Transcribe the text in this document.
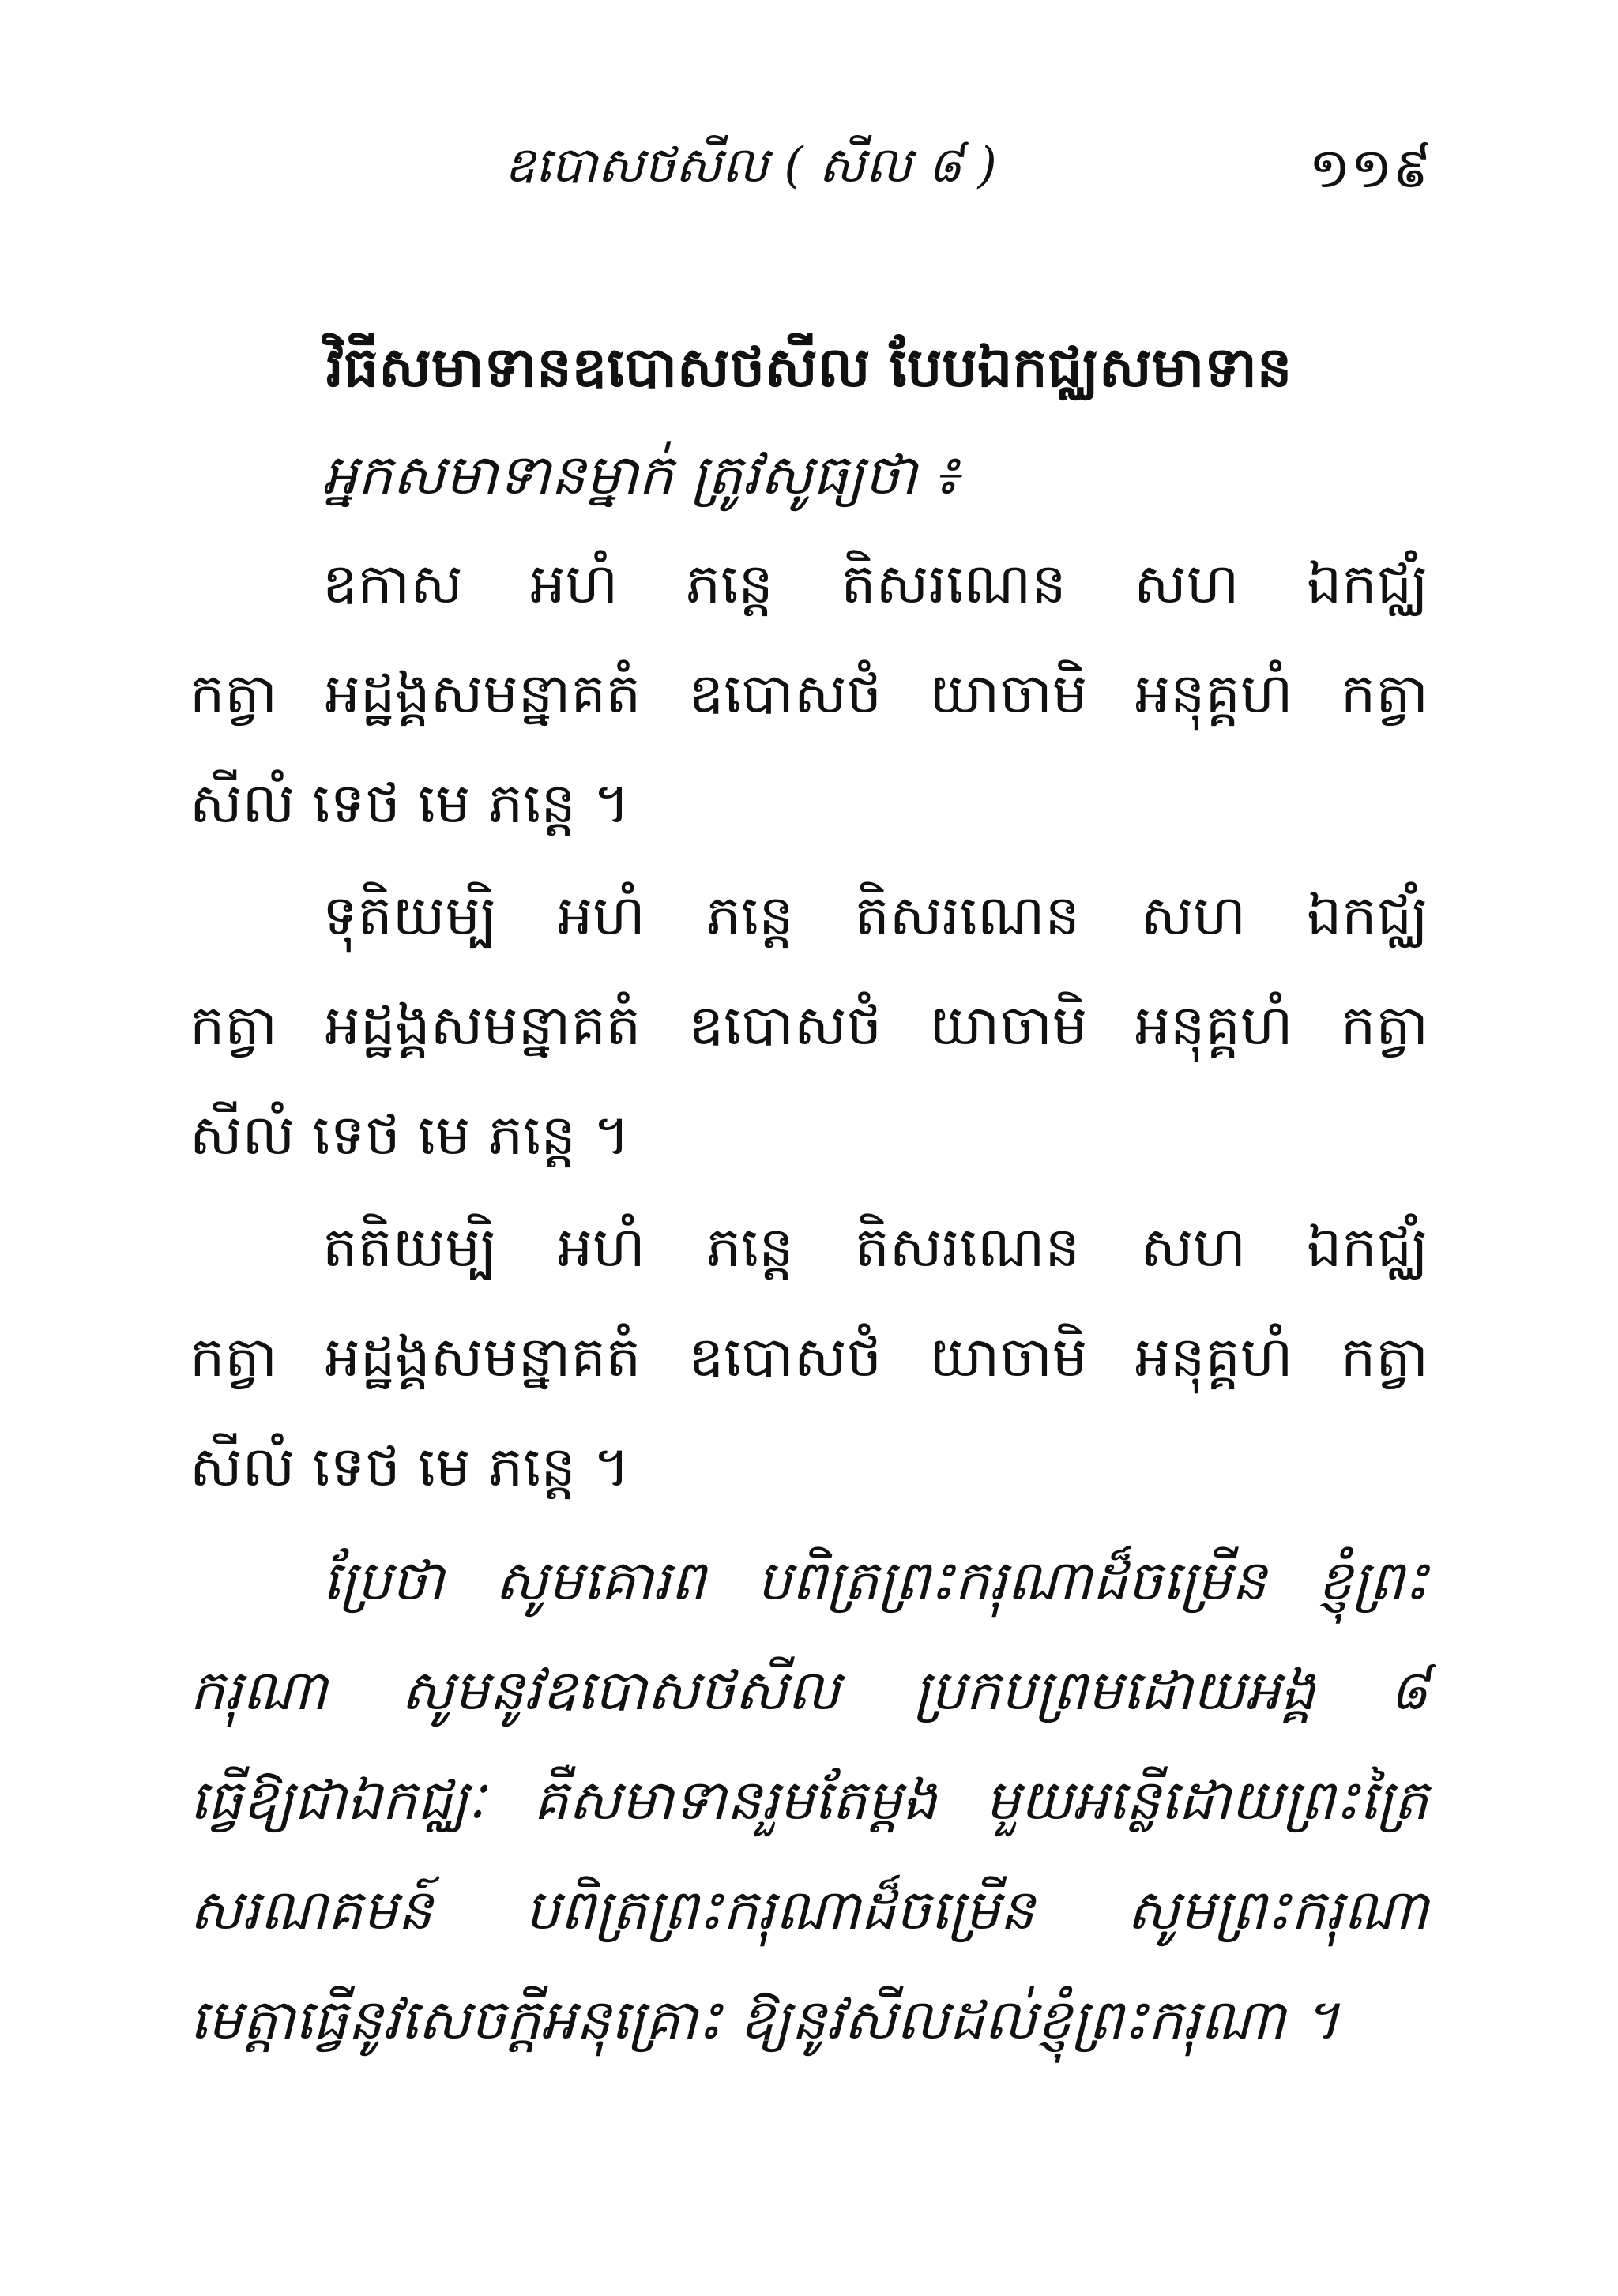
ឧបោសថសីល ( សីល ៨ )	១១៩
វិធីសមាទានឧបោសថសីល បែបឯកជ្ឈសមាទាន
អ្នកសមាទានម្នាក់ ត្រូវសូធ្យថា ៖
ឧកាស អហំ ភន្តេ តិសរណេន សហ ឯកជ្ឈំ
កត្វា អដ្ឋង្គសមន្នាគតំ ឧបោសថំ យាចាមិ អនុគ្គហំ កត្វា
សីលំ ទេថ មេ ភន្តេ ។
ទុតិយម្បិ អហំ ភន្តេ តិសរណេន សហ ឯកជ្ឈំ
កត្វា អដ្ឋង្គសមន្នាគតំ ឧបោសថំ យាចាមិ អនុគ្គហំ កត្វា
សីលំ ទេថ មេ ភន្តេ ។
តតិយម្បិ អហំ ភន្តេ តិសរណេន សហ ឯកជ្ឈំ
កត្វា អដ្ឋង្គសមន្នាគតំ ឧបោសថំ យាចាមិ អនុគ្គហំ កត្វា
សីលំ ទេថ មេ ភន្តេ ។
ប្រែថា សូមគោរព បពិត្រព្រះករុណាដ៏ចម្រើន ខ្ញុំព្រះ
ករុណា សូមនូវឧបោសថសីល ប្រកបព្រមដោយអង្គ ៨
ធ្វើឱ្យជាឯកជ្ឈៈ គឺសមាទានរួមតែម្តង មួយអន្លើដោយព្រះត្រៃ
សរណគមន៍ បពិត្រព្រះករុណាដ៏ចម្រើន សូមព្រះករុណា
មេត្តាធ្វើនូវសេចក្តីអនុគ្រោះ ឱ្យនូវសីលដល់ខ្ញុំព្រះករុណា ។
